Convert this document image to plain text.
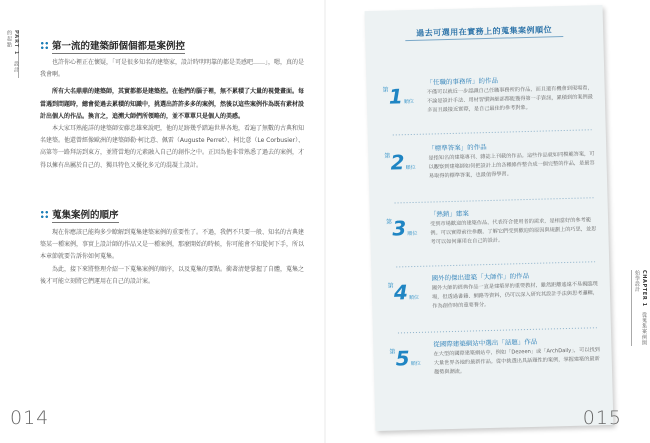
PART 1　設計的起點	第一流的建築師個個都是案例控

也許你心裡正在懷疑，「可是很多知名的建築家，設計時明明靠的都是美感吧……」，嗯，真的是我會啊。

所有大名鼎鼎的建築師，其實都都是建築控。在他們的腦子裡，無不累積了大量的視覺畫面。每當遇到問題時，總會從過去累積的知識中，挑選出許許多多的案例，然後以這些案例作為既有素材設計出個人的作品。換言之，追溯大師們所領略的，並不單單只是個人的美感。

本大家耳熟能詳的建築師安藤忠雄來說吧，他的足跡幾乎踏遍世界各地，看遍了無數的古典和知名建築。他還曾經像歐洲的建築師勒·柯比意、佩雷（Auguste Perret）、柯比意（Le Corbusier）、高第等一路拜訪到東方，並將當地的元素融入自己的創作之中。正因為他非常熟悉了過去的案例，才得以擁有出屬於自己的、獨具特色又優化多元的混凝土設計。

蒐集案例的順序

現在你應該已能夠多少瞭解到蒐集建築案例的重要性了。不過，我們不只要一般、知名的古典建築某一種案例，事實上設計師的作品又是一種案例，那麼開始的時候，你可能會不知從何下手，所以本章節就要告訴你如何蒐集。

為此，接下來將整理介紹一下蒐集案例的順序，以及蒐集的要點。衝著清楚掌握了自體，蒐集之後才可能立刻將它們運用在自己的設計案。

014
過去可選用在實務上的蒐集案例順位
$^第$1順位
「任職的事務所」的作品
不僅可以就近一步認識自己任職事務所的作品，而且還有機會到現場看，不論是設計手法、用材習慣與細部都能獲得第一手資訊，累積到的案例最多而且最接近實際，是自己最佳的參考對象。
$^第$2順位
「標準答案」的作品
是指知名的建築專刊、雜誌上刊載的作品。這些作品就如同模範答案，可以觀察到建築師如何把設計上的各種條件整合成一個完整的作品，是最容易取得的標準答案，也最值得學習。
$^第$3順位
「熱銷」建案
受到市場歡迎的建築作品，代表符合使用者的需求，是相當好的參考範例。可以實際前往參觀，了解它們受到歡迎的原因與規劃上的巧思，並思考可以如何運用在自己的設計。
$^第$4順位
國外的傑出建築「大師作」的作品
國外大師的經典作品一直是建築界的重要教材，雖然距離遙遠不易親臨現場，但透過書籍、網路等資料，仍可以深入研究其設計手法與思考邏輯，作為創作時的重要養分。
$^第$5順位
從國際建築網站中選出「話題」作品
在大型的國際建築網站中，例如「Dezeen」或「ArchDaily」，可以找到大量世界各地的最新作品。從中挑選出具話題性的案例，掌握建築的最新趨勢與潮流。
CHAPTER 1　從蒐集案例開始學設計
015
